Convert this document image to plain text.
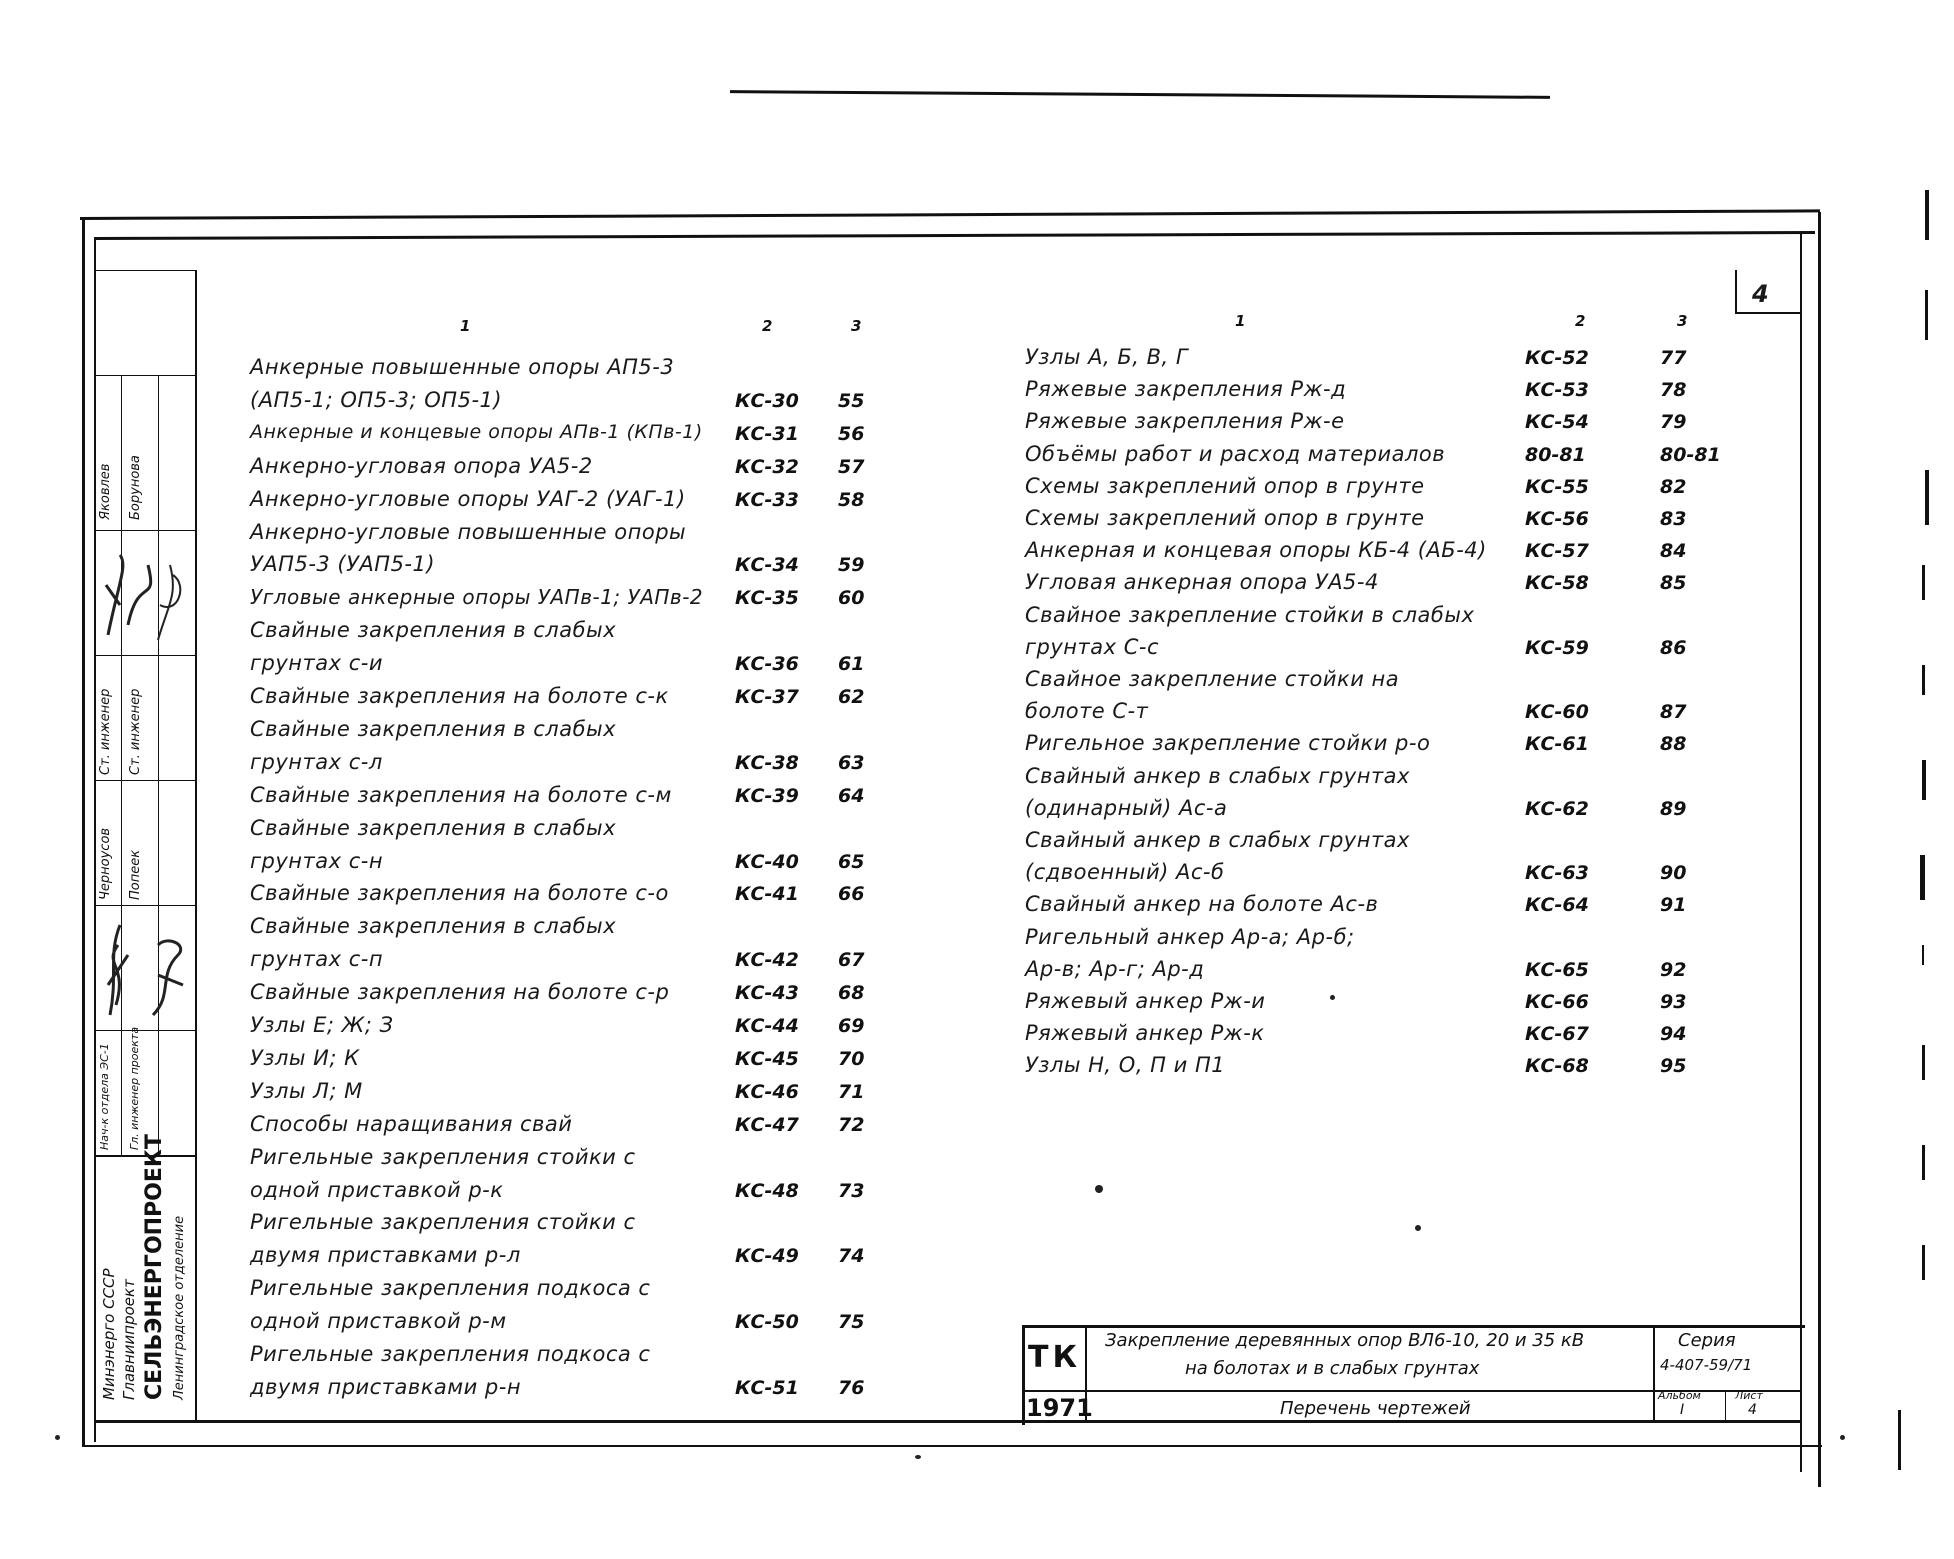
Яковлев Борунова
Ст. инженер Ст. инженер
Черноусов Попеек
Нач-к отдела ЭС-1 Гл. инженер проекта
Минэнерго СССР Главниипроект СЕЛЬЭНЕРГОПРОЕКТ Ленинградское отделение
4
1	2	3	1	2	3
Анкерные повышенные опоры АП5-3
(АП5-1; ОП5-3; ОП5-1)	КС-30 55
Анкерные и концевые опоры АПв-1 (КПв-1) КС-31 56
Анкерно-угловая опора УА5-2	КС-32 57
Анкерно-угловые опоры УАГ-2 (УАГ-1)	КС-33 58
Анкерно-угловые повышенные опоры
УАП5-3 (УАП5-1)	КС-34 59
Угловые анкерные опоры УАПв-1; УАПв-2 КС-35 60
Свайные закрепления в слабых
грунтах с-и	КС-36 61
Свайные закрепления на болоте с-к	КС-37 62
Свайные закрепления в слабых
грунтах с-л	КС-38 63
Свайные закрепления на болоте с-м	КС-39 64
Свайные закрепления в слабых
грунтах с-н	КС-40 65
Свайные закрепления на болоте с-о	КС-41 66
Свайные закрепления в слабых
грунтах с-п	КС-42 67
Свайные закрепления на болоте с-р	КС-43 68
Узлы Е; Ж; З	КС-44 69
Узлы И; К	КС-45 70
Узлы Л; М	КС-46 71
Способы наращивания свай	КС-47 72
Ригельные закрепления стойки с
одной приставкой р-к	КС-48 73
Ригельные закрепления стойки с
двумя приставками р-л	КС-49 74
Ригельные закрепления подкоса с
одной приставкой р-м	КС-50 75
Ригельные закрепления подкоса с
двумя приставками р-н	КС-51 76
Узлы А, Б, В, Г	КС-52	77
Ряжевые закрепления Рж-д	КС-53	78
Ряжевые закрепления Рж-е	КС-54	79
Объёмы работ и расход материалов	80-81	80-81
Схемы закреплений опор в грунте	КС-55	82
Схемы закреплений опор в грунте	КС-56	83
Анкерная и концевая опоры КБ-4 (АБ-4) КС-57	84
Угловая анкерная опора УА5-4	КС-58	85
Свайное закрепление стойки в слабых
грунтах С-с	КС-59	86
Свайное закрепление стойки на
болоте С-т	КС-60	87
Ригельное закрепление стойки р-о	КС-61	88
Свайный анкер в слабых грунтах
(одинарный) Ас-а	КС-62	89
Свайный анкер в слабых грунтах
(сдвоенный) Ас-б	КС-63	90
Свайный анкер на болоте Ас-в	КС-64	91
Ригельный анкер Ар-а; Ар-б;
Ар-в; Ар-г; Ар-д	КС-65	92
Ряжевый анкер Рж-и	КС-66	93
Ряжевый анкер Рж-к	КС-67	94
Узлы Н, О, П и П1	КС-68	95
ТК
1971
Закрепление деревянных опор ВЛ6-10, 20 и 35 кВ
на болотах и в слабых грунтах
Перечень чертежей
Серия
4-407-59/71
Альбом
I
Лист
4
